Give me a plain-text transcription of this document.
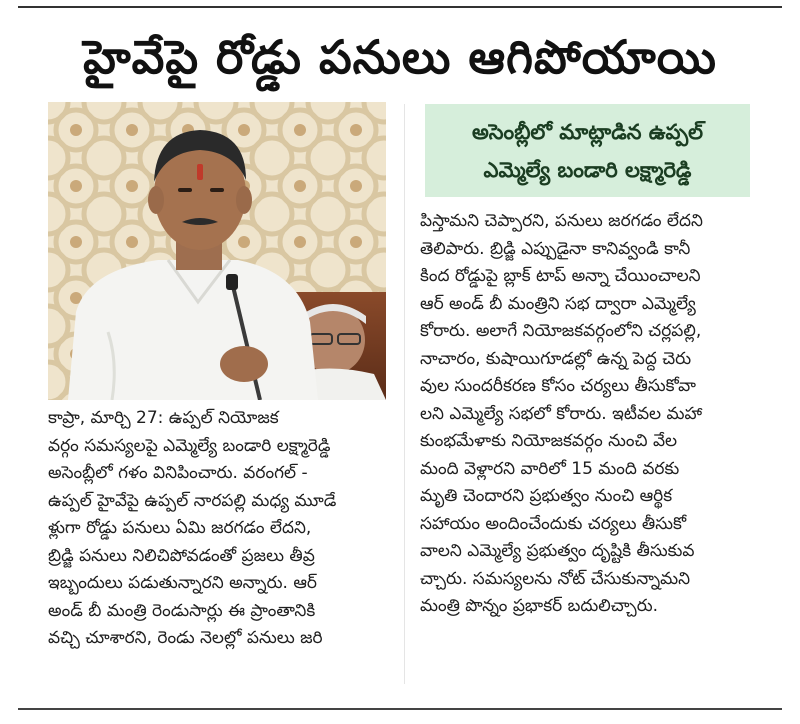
హైవేపై రోడ్డు పనులు ఆగిపోయాయి
అసెంబ్లీలో మాట్లాడిన ఉప్పల్
ఎమ్మెల్యే బండారి లక్ష్మారెడ్డి
కాప్రా, మార్చి 27: ఉప్పల్ నియోజక
వర్గం సమస్యలపై ఎమ్మెల్యే బండారి లక్ష్మారెడ్డి
అసెంబ్లీలో గళం వినిపించారు. వరంగల్ -
ఉప్పల్ హైవేపై ఉప్పల్ నారపల్లి మధ్య మూడే
ళ్లుగా రోడ్డు పనులు ఏమి జరగడం లేదని,
బ్రిడ్జి పనులు నిలిచిపోవడంతో ప్రజలు తీవ్ర
ఇబ్బందులు పడుతున్నారని అన్నారు. ఆర్
అండ్ బీ మంత్రి రెండుసార్లు ఈ ప్రాంతానికి
వచ్చి చూశారని, రెండు నెలల్లో పనులు జరి
పిస్తామని చెప్పారని, పనులు జరగడం లేదని
తెలిపారు. బ్రిడ్జి ఎప్పుడైనా కానివ్వండి కానీ
కింద రోడ్డుపై బ్లాక్ టాప్ అన్నా చేయించాలని
ఆర్ అండ్ బీ మంత్రిని సభ ద్వారా ఎమ్మెల్యే
కోరారు. అలాగే నియోజకవర్గంలోని చర్లపల్లి,
నాచారం, కుషాయిగూడల్లో ఉన్న పెద్ద చెరు
వుల సుందరీకరణ కోసం చర్యలు తీసుకోవా
లని ఎమ్మెల్యే సభలో కోరారు. ఇటీవల మహా
కుంభమేళాకు నియోజకవర్గం నుంచి వేల
మంది వెళ్లారని వారిలో 15 మంది వరకు
మృతి చెందారని ప్రభుత్వం నుంచి ఆర్థిక
సహాయం అందించేందుకు చర్యలు తీసుకో
వాలని ఎమ్మెల్యే ప్రభుత్వం దృష్టికి తీసుకువ
చ్చారు. సమస్యలను నోట్ చేసుకున్నామని
మంత్రి పొన్నం ప్రభాకర్ బదులిచ్చారు.
